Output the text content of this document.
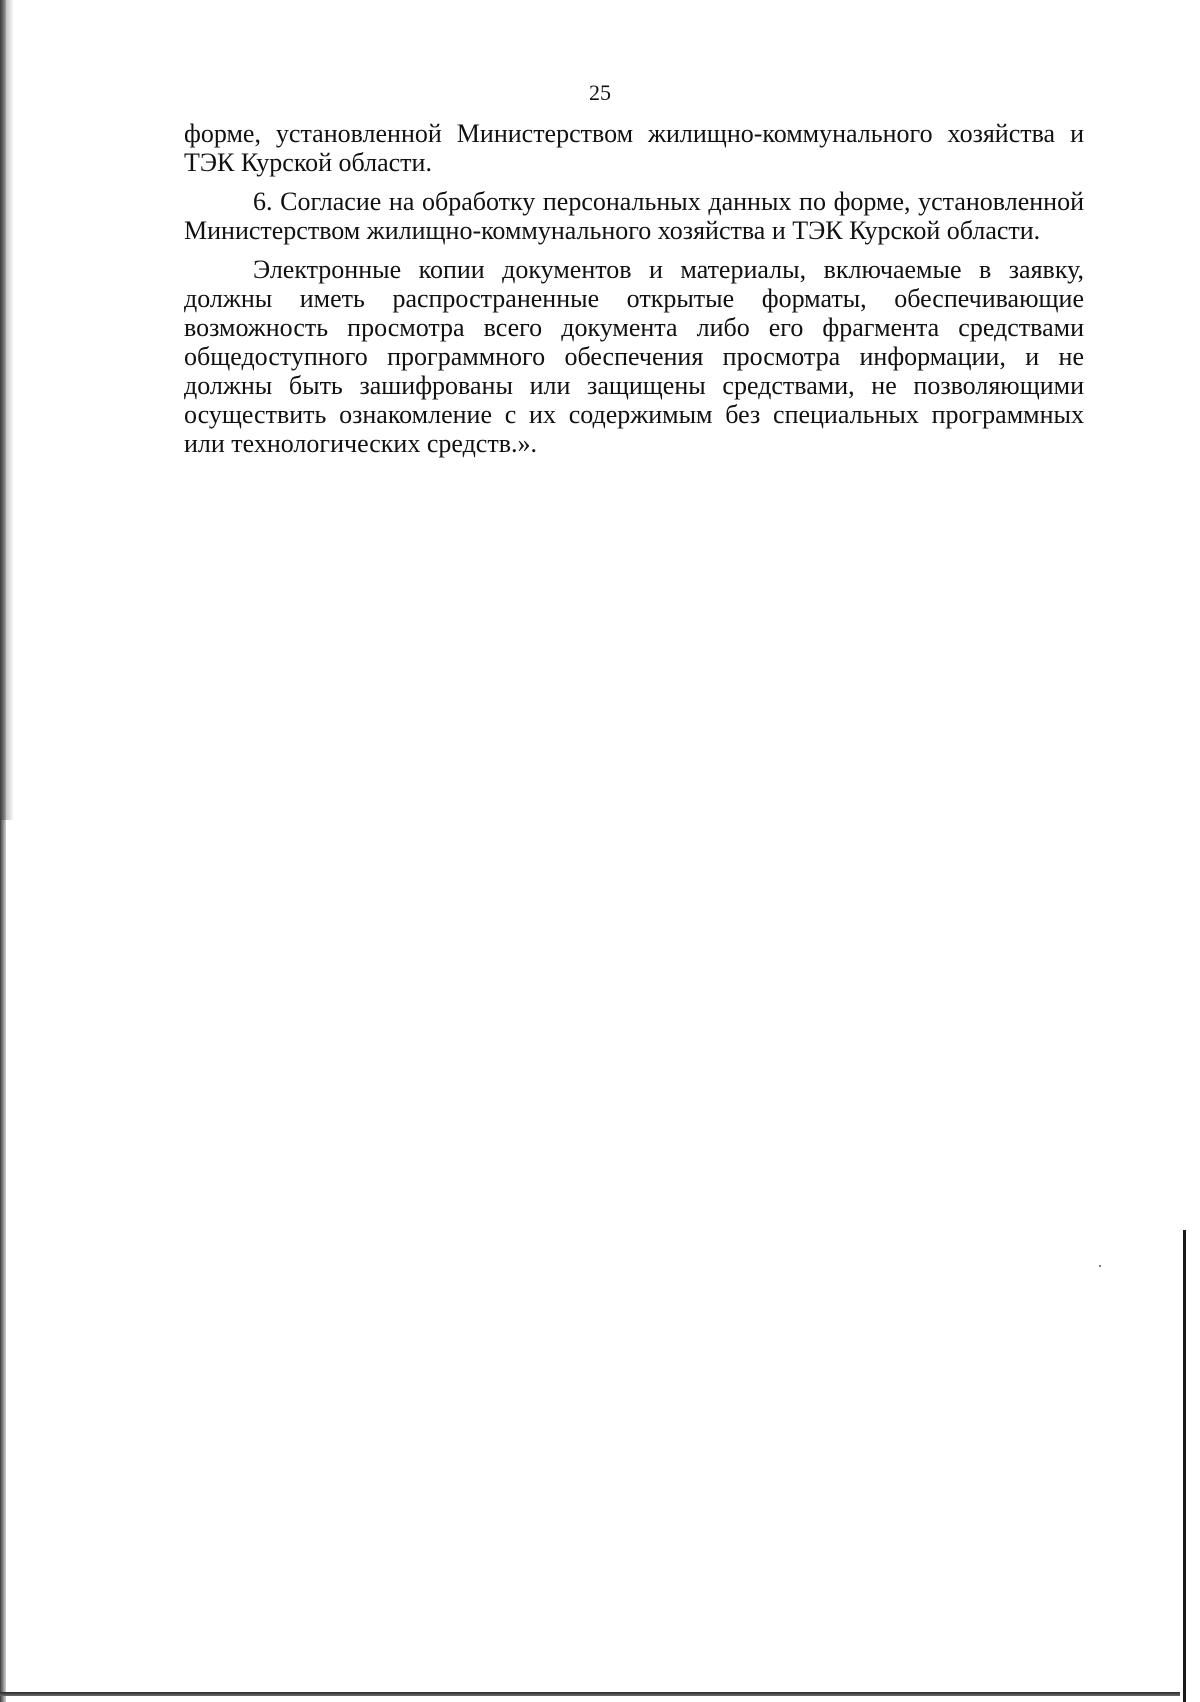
25

форме, установленной Министерством жилищно-коммунального хозяйства и ТЭК Курской области.

6. Согласие на обработку персональных данных по форме, установленной Министерством жилищно-коммунального хозяйства и ТЭК Курской области.

Электронные копии документов и материалы, включаемые в заявку, должны иметь распространенные открытые форматы, обеспечивающие возможность просмотра всего документа либо его фрагмента средствами общедоступного программного обеспечения просмотра информации, и не должны быть зашифрованы или защищены средствами, не позволяющими осуществить ознакомление с их содержимым без специальных программных или технологических средств.».
